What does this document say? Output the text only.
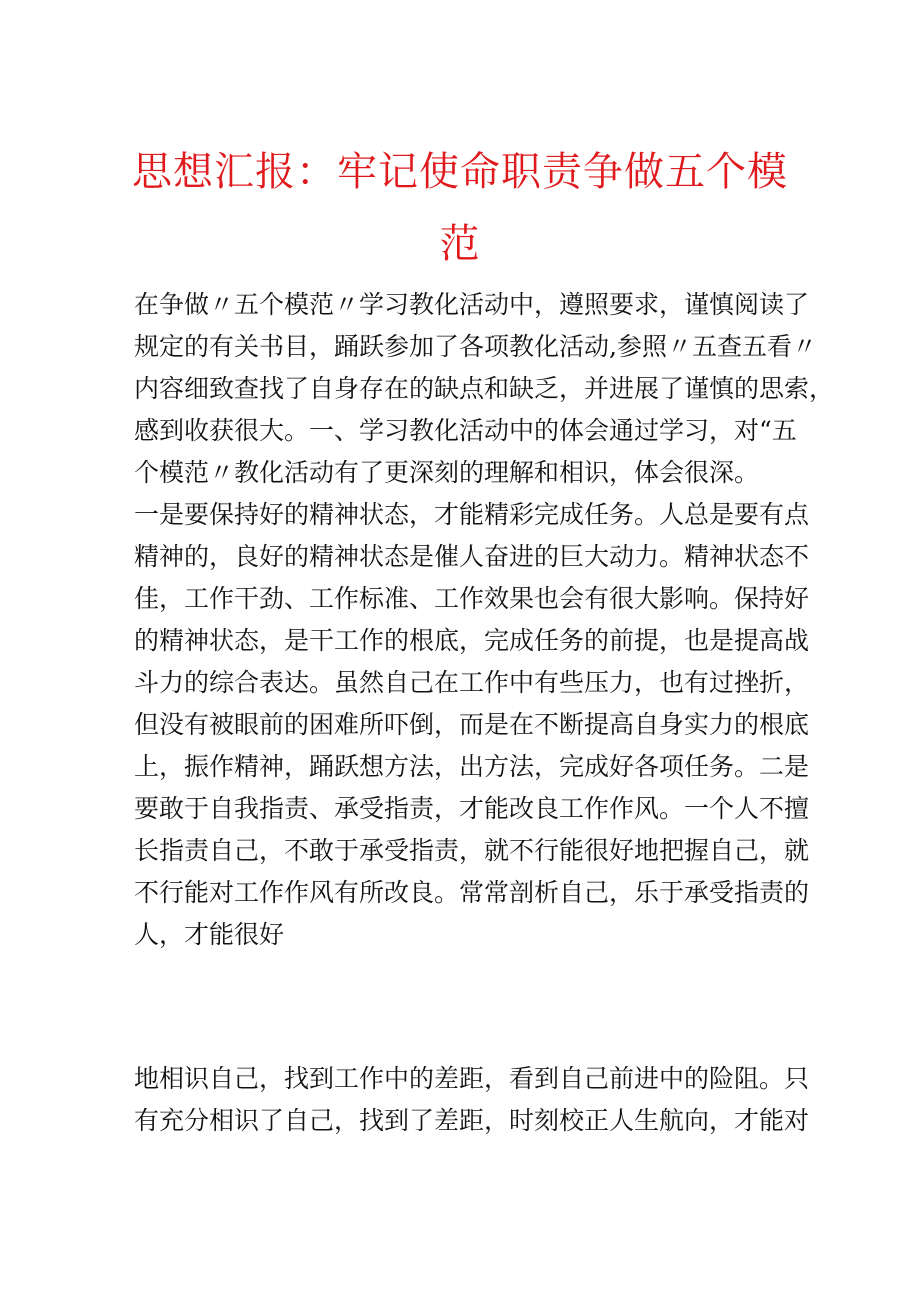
思想汇报：牢记使命职责争做五个模
范

在争做〃五个模范〃学习教化活动中，遵照要求，谨慎阅读了
规定的有关书目，踊跃参加了各项教化活动,参照〃五查五看〃
内容细致查找了自身存在的缺点和缺乏，并进展了谨慎的思索，
感到收获很大。一、学习教化活动中的体会通过学习，对“五
个模范〃教化活动有了更深刻的理解和相识，体会很深。
一是要保持好的精神状态，才能精彩完成任务。人总是要有点
精神的，良好的精神状态是催人奋进的巨大动力。精神状态不
佳，工作干劲、工作标准、工作效果也会有很大影响。保持好
的精神状态，是干工作的根底，完成任务的前提，也是提高战
斗力的综合表达。虽然自己在工作中有些压力，也有过挫折，
但没有被眼前的困难所吓倒，而是在不断提高自身实力的根底
上，振作精神，踊跃想方法，出方法，完成好各项任务。二是
要敢于自我指责、承受指责，才能改良工作作风。一个人不擅
长指责自己，不敢于承受指责，就不行能很好地把握自己，就
不行能对工作作风有所改良。常常剖析自己，乐于承受指责的
人，才能很好

地相识自己，找到工作中的差距，看到自己前进中的险阻。只
有充分相识了自己，找到了差距，时刻校正人生航向，才能对
